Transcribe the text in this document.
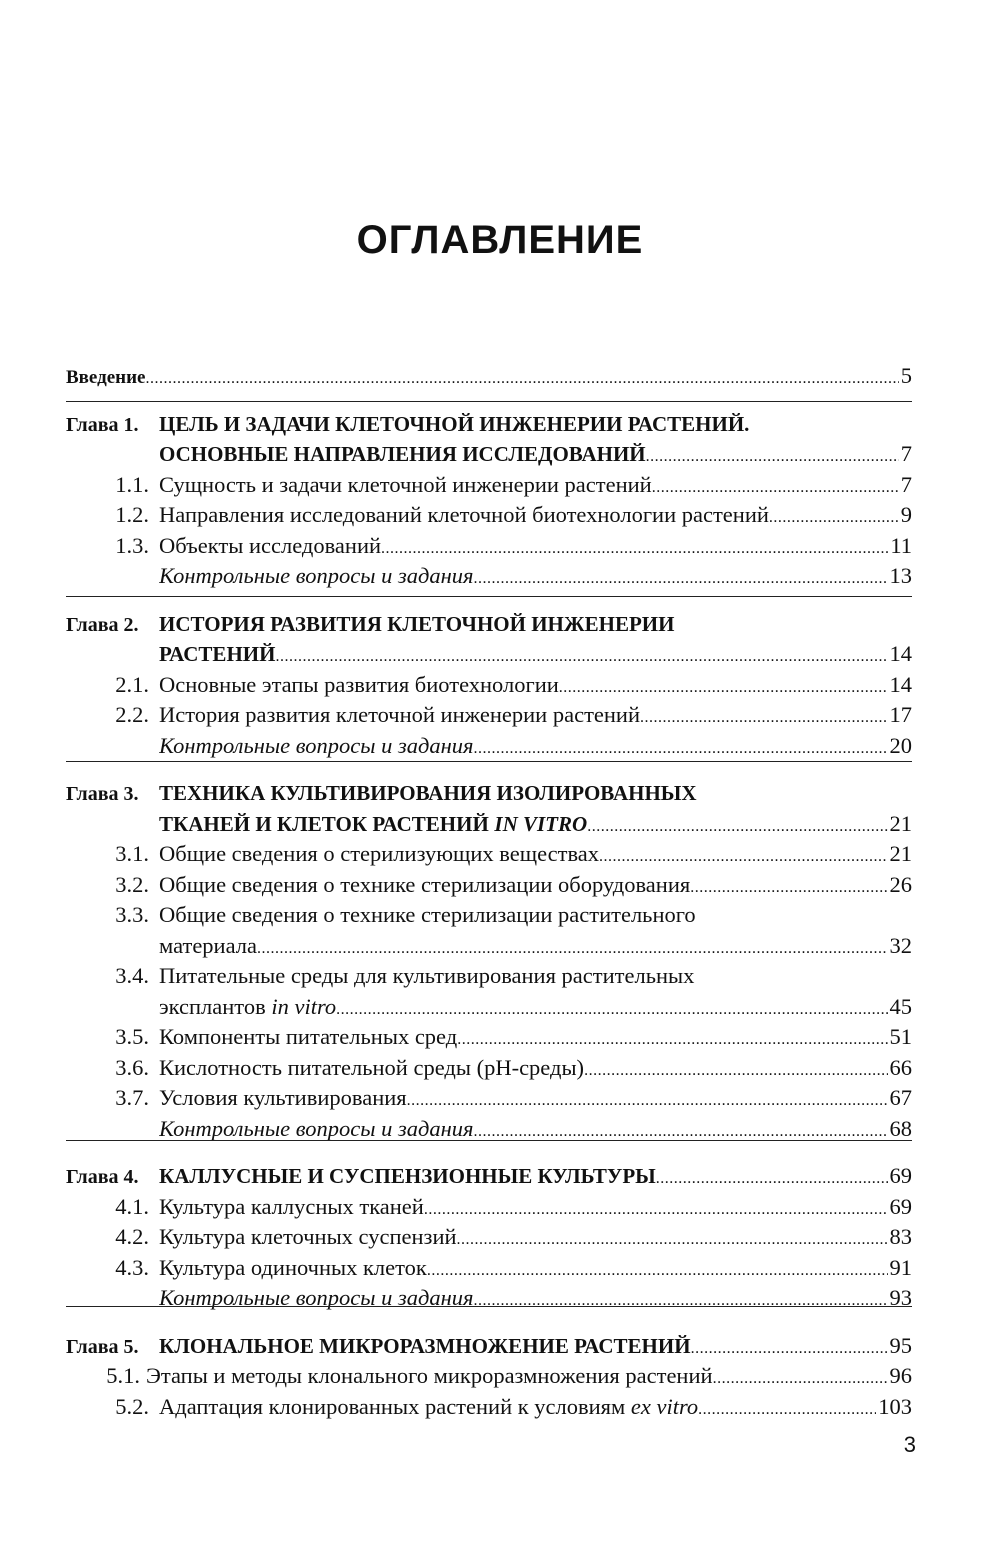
ОГЛАВЛЕНИЕ
Введение .....	5
Глава 1. ЦЕЛЬ И ЗАДАЧИ КЛЕТОЧНОЙ ИНЖЕНЕРИИ РАСТЕНИЙ.
ОСНОВНЫЕ НАПРАВЛЕНИЯ ИССЛЕДОВАНИЙ .....	7
1.1. Сущность и задачи клеточной инженерии растений .....	7
1.2. Направления исследований клеточной биотехнологии растений .....	9
1.3. Объекты исследований .....	11
Контрольные вопросы и задания .....	13
Глава 2. ИСТОРИЯ РАЗВИТИЯ КЛЕТОЧНОЙ ИНЖЕНЕРИИ
РАСТЕНИЙ .....	14
2.1. Основные этапы развития биотехнологии .....	14
2.2. История развития клеточной инженерии растений .....	17
Контрольные вопросы и задания .....	20
Глава 3. ТЕХНИКА КУЛЬТИВИРОВАНИЯ ИЗОЛИРОВАННЫХ
ТКАНЕЙ И КЛЕТОК РАСТЕНИЙ
IN VITRO .....	21
3.1. Общие сведения о стерилизующих веществах .....	21
3.2. Общие сведения о технике стерилизации оборудования .....	26
3.3. Общие сведения о технике стерилизации растительного
материала .....	32
3.4. Питательные среды для культивирования растительных
эксплантов
in vitro .....	45
3.5. Компоненты питательных сред .....	51
3.6. Кислотность питательной среды (рН-среды) .....	66
3.7. Условия культивирования .....	67
Контрольные вопросы и задания .....	68
Глава 4. КАЛЛУСНЫЕ И СУСПЕНЗИОННЫЕ КУЛЬТУРЫ .....	69
4.1. Культура каллусных тканей .....	69
4.2. Культура клеточных суспензий .....	83
4.3. Культура одиночных клеток .....	91
Контрольные вопросы и задания .....	93
Глава 5. КЛОНАЛЬНОЕ МИКРОРАЗМНОЖЕНИЕ РАСТЕНИЙ .....	95
5.1. Этапы и методы клонального микроразмножения растений .....	96
5.2. Адаптация клонированных растений к условиям
ex vitro .....	103
3
